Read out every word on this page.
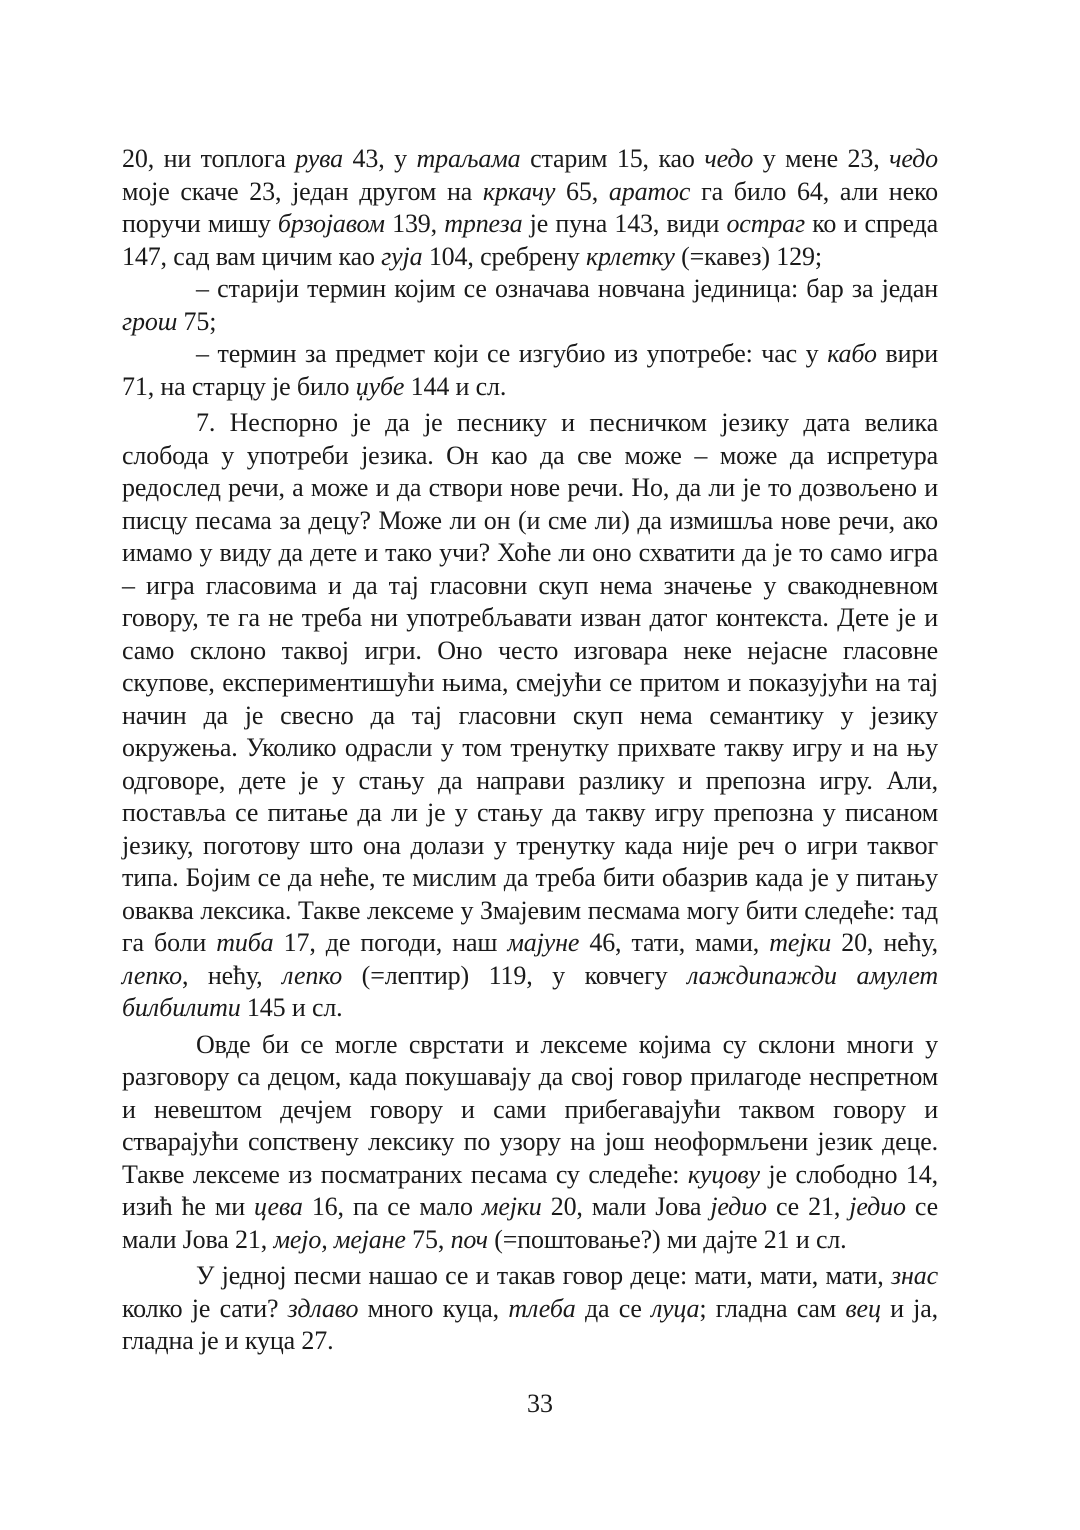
20, ни топлога рува 43, у траљама старим 15, као чедо у мене 23, чедо моје скаче 23, један другом на кркачу 65, аратос га било 64, али неко поручи мишу брзојавом 139, трпеза је пуна 143, види остраг ко и спреда 147, сад вам цичим као гуја 104, сребрену крлетку (=кавез) 129;

– старији термин којим се означава новчана јединица: бар за један грош 75;

– термин за предмет који се изгубио из употребе: час у кабо вири 71, на старцу је било џубе 144 и сл.

7. Неспорно је да је песнику и песничком језику дата велика слобода у употреби језика. Он као да све може – може да испретура редослед речи, а може и да створи нове речи. Но, да ли је то дозвољено и писцу песама за децу? Може ли он (и сме ли) да измишља нове речи, ако имамо у виду да дете и тако учи? Хоће ли оно схватити да је то само игра – игра гласовима и да тај гласовни скуп нема значење у свакодневном говору, те га не треба ни употребљавати изван датог контекста. Дете је и само склоно таквој игри. Оно често изговара неке нејасне гласовне скупове, експериментишући њима, смејући се притом и показујући на тај начин да је свесно да тај гласовни скуп нема семантику у језику окружења. Уколико одрасли у том тренутку прихвате такву игру и на њу одговоре, дете је у стању да направи разлику и препозна игру. Али, поставља се питање да ли је у стању да такву игру препозна у писаном језику, поготову што она долази у тренутку када није реч о игри таквог типа. Бојим се да неће, те мислим да треба бити обазрив када је у питању оваква лексика. Такве лексеме у Змајевим песмама могу бити следеће: тад га боли тиба 17, де погоди, наш мајуне 46, тати, мами, тејки 20, нећу, лепко, нећу, лепко (=лептир) 119, у ковчегу лаждипажди амулет билбилити 145 и сл.

Овде би се могле сврстати и лексеме којима су склони многи у разговору са децом, када покушавају да свој говор прилагоде неспретном и невештом дечјем говору и сами прибегавајући таквом говору и стварајући сопствену лексику по узору на још неоформљени језик деце. Такве лексеме из посматраних песама су следеће: куцову је слободно 14, изић ће ми цева 16, па се мало мејки 20, мали Јова једио се 21, једио се мали Јова 21, мејо, мејане 75, поч (=поштовање?) ми дајте 21 и сл.

У једној песми нашао се и такав говор деце: мати, мати, мати, знас колко је сати? здлаво много куца, тлеба да се луца; гладна сам вец и ја, гладна је и куца 27.

33
